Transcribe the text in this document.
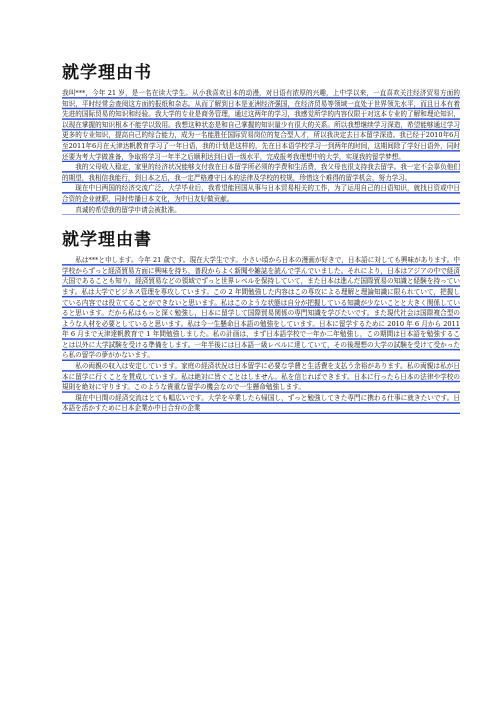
就学理由书

我叫***，今年 21 岁，是一名在读大学生。从小我喜欢日本的动漫，对日语有浓厚的兴趣，上中学以来，一直喜欢关注经济贸易方面的知识，平时经常会查阅这方面的报纸和杂志。从而了解到日本是亚洲经济强国，在经济贸易等领域一直处于世界领先水平，而且日本有着先进的国际贸易的知识和经验。我大学的专业是商务管理，通过这两年的学习，我感觉所学的内容仅限于对这本专业的了解和理论知识，以现在掌握的知识根本不能学以致用。我想这种状态是和自己掌握的知识量少有很大的关系。所以我想继续学习深造，希望能够通过学习更多的专业知识，提高自己的综合能力，成为一名能胜任国际贸易岗位的复合型人才，所以我决定去日本留学深造。我已经于2010年6月至2011年6月在天津达帆教育学习了一年日语，我的计划是这样的，先在日本语学校学习一到两年的时间，这期间除了学好日语外，同时还要为考大学做准备，争取将学习一年半之后顺利达到日语一级水平，完成报考我理想中的大学，实现我的留学梦想。

我的父母收入稳定，家里的经济状况能够支付我在日本留学所必须的学费和生活费，我父母也很支持我去留学。我一定不会辜负他们的期望，我相信我能行，到日本之后，我一定严格遵守日本的法律及学校的校规，珍惜这个难得的留学机会，努力学习。

现在中日两国的经济交流广泛，大学毕业后，我希望能回国从事与日本贸易相关的工作，为了运用自己的日语知识，就找日资或中日合资的企业就职，同时传播日本文化，为中日友好做贡献。

真诚的希望我的留学申请会被批准。

就学理由書

私は***と申します。今年 21 歳です。現在大学生です。小さい頃から日本の漫画が好きで，日本語に対しても興味があります。中学校からずっと経済貿易方面に興味を持ち，普段からよく新聞や雑誌を読んで学んでいました。それにより，日本はアジアの中で経済大国であることも知り，経済貿易などの領域でずっと世界レベルを保持していて，また日本は進んだ国際貿易の知識と経験を持っています。私は大学でビジネス管理を専攻しています。この 2 年間勉強した内容はこの専攻による理解と理論知識に限られていて，把握している内容では役立てることができないと思います。私はこのような状態は自分が把握している知識が少ないことと大きく関係していると思います。だから私はもっと深く勉強し，日本に留学して国際貿易関係の専門知識を学びたいです。また現代社会は国際複合型のような人材を必要としていると思います。私は今一生懸命日本語の勉強をしています。日本に留学するために 2010 年 6 月から 2011 年 6 月まで天津達帆教育で 1 年間勉強しました。私の計画は，まず日本語学校で一年か二年勉強し，この期間は日本語を勉強することは以外に大学試験を受ける準備をします。一年半後には日本語一級レベルに達していて，その後理想の大学の試験を受けて受かったら私の留学の夢がかないます。

私の両親の収入は安定しています。家庭の経済状況は日本留学に必要な学費と生活費を支払う余裕があります。私の両親は私が日本に留学に行くことを賛成しています。私は絶対に皆ぐことはしません。私を信じればできます。日本に行ったら日本の法律や学校の規則を絶対に守ります。このような貴重な留学の機会なので一生懸命勉強します。

現在中日間の経済交流はとても幅広いです。大学を卒業したら帰国し，ずっと勉強してきた専門に携わる仕事に就きたいです。日本語を活かすために日本企業か中日合弁の企業
